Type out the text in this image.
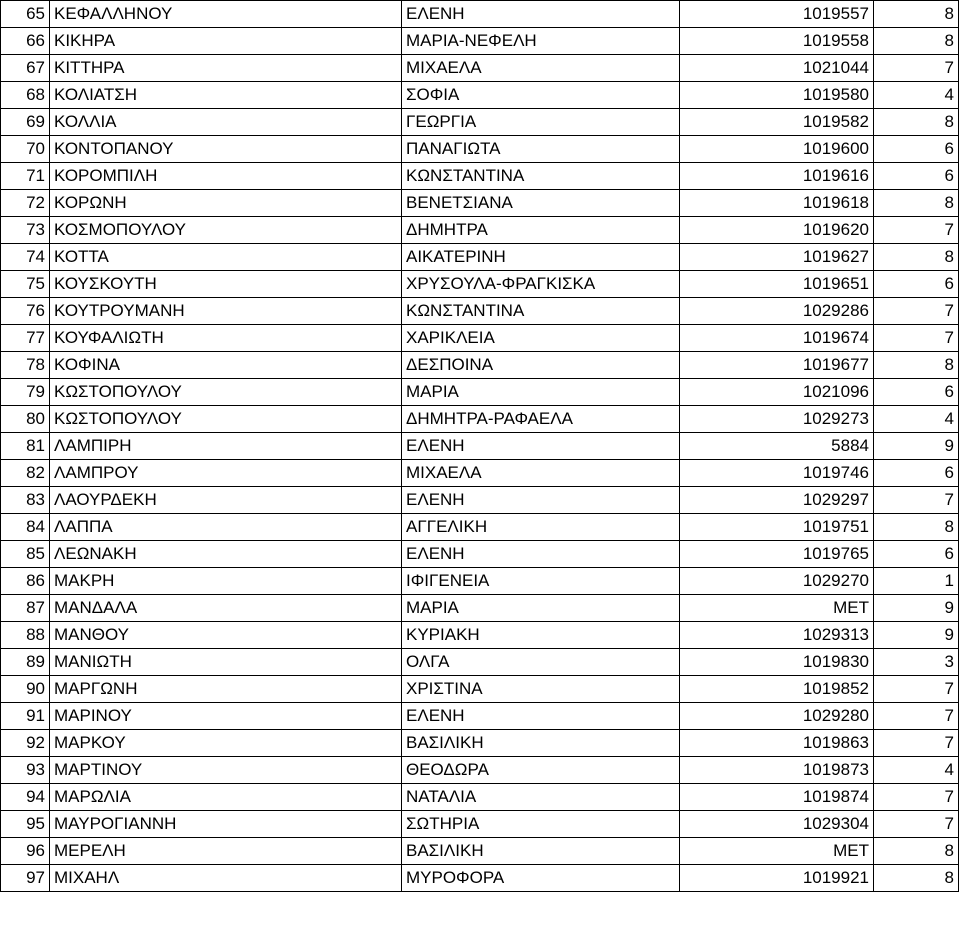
65	ΚΕΦΑΛΛΗΝΟΥ	ΕΛΕΝΗ	1019557	8
66	ΚΙΚΗΡΑ	ΜΑΡΙΑ-ΝΕΦΕΛΗ	1019558	8
67	ΚΙΤΤΗΡΑ	ΜΙΧΑΕΛΑ	1021044	7
68	ΚΟΛΙΑΤΣΗ	ΣΟΦΙΑ	1019580	4
69	ΚΟΛΛΙΑ	ΓΕΩΡΓΙΑ	1019582	8
70	ΚΟΝΤΟΠΑΝΟΥ	ΠΑΝΑΓΙΩΤΑ	1019600	6
71	ΚΟΡΟΜΠΙΛΗ	ΚΩΝΣΤΑΝΤΙΝΑ	1019616	6
72	ΚΟΡΩΝΗ	ΒΕΝΕΤΣΙΑΝΑ	1019618	8
73	ΚΟΣΜΟΠΟΥΛΟΥ	ΔΗΜΗΤΡΑ	1019620	7
74	ΚΟΤΤΑ	ΑΙΚΑΤΕΡΙΝΗ	1019627	8
75	ΚΟΥΣΚΟΥΤΗ	ΧΡΥΣΟΥΛΑ-ΦΡΑΓΚΙΣΚΑ	1019651	6
76	ΚΟΥΤΡΟΥΜΑΝΗ	ΚΩΝΣΤΑΝΤΙΝΑ	1029286	7
77	ΚΟΥΦΑΛΙΩΤΗ	ΧΑΡΙΚΛΕΙΑ	1019674	7
78	ΚΟΦΙΝΑ	ΔΕΣΠΟΙΝΑ	1019677	8
79	ΚΩΣΤΟΠΟΥΛΟΥ	ΜΑΡΙΑ	1021096	6
80	ΚΩΣΤΟΠΟΥΛΟΥ	ΔΗΜΗΤΡΑ-ΡΑΦΑΕΛΑ	1029273	4
81	ΛΑΜΠΙΡΗ	ΕΛΕΝΗ	5884	9
82	ΛΑΜΠΡΟΥ	ΜΙΧΑΕΛΑ	1019746	6
83	ΛΑΟΥΡΔΕΚΗ	ΕΛΕΝΗ	1029297	7
84	ΛΑΠΠΑ	ΑΓΓΕΛΙΚΗ	1019751	8
85	ΛΕΩΝΑΚΗ	ΕΛΕΝΗ	1019765	6
86	ΜΑΚΡΗ	ΙΦΙΓΕΝΕΙΑ	1029270	1
87	ΜΑΝΔΑΛΑ	ΜΑΡΙΑ	ΜΕΤ	9
88	ΜΑΝΘΟΥ	ΚΥΡΙΑΚΗ	1029313	9
89	ΜΑΝΙΩΤΗ	ΟΛΓΑ	1019830	3
90	ΜΑΡΓΩΝΗ	ΧΡΙΣΤΙΝΑ	1019852	7
91	ΜΑΡΙΝΟΥ	ΕΛΕΝΗ	1029280	7
92	ΜΑΡΚΟΥ	ΒΑΣΙΛΙΚΗ	1019863	7
93	ΜΑΡΤΙΝΟΥ	ΘΕΟΔΩΡΑ	1019873	4
94	ΜΑΡΩΛΙΑ	ΝΑΤΑΛΙΑ	1019874	7
95	ΜΑΥΡΟΓΙΑΝΝΗ	ΣΩΤΗΡΙΑ	1029304	7
96	ΜΕΡΕΛΗ	ΒΑΣΙΛΙΚΗ	ΜΕΤ	8
97	ΜΙΧΑΗΛ	ΜΥΡΟΦΟΡΑ	1019921	8
